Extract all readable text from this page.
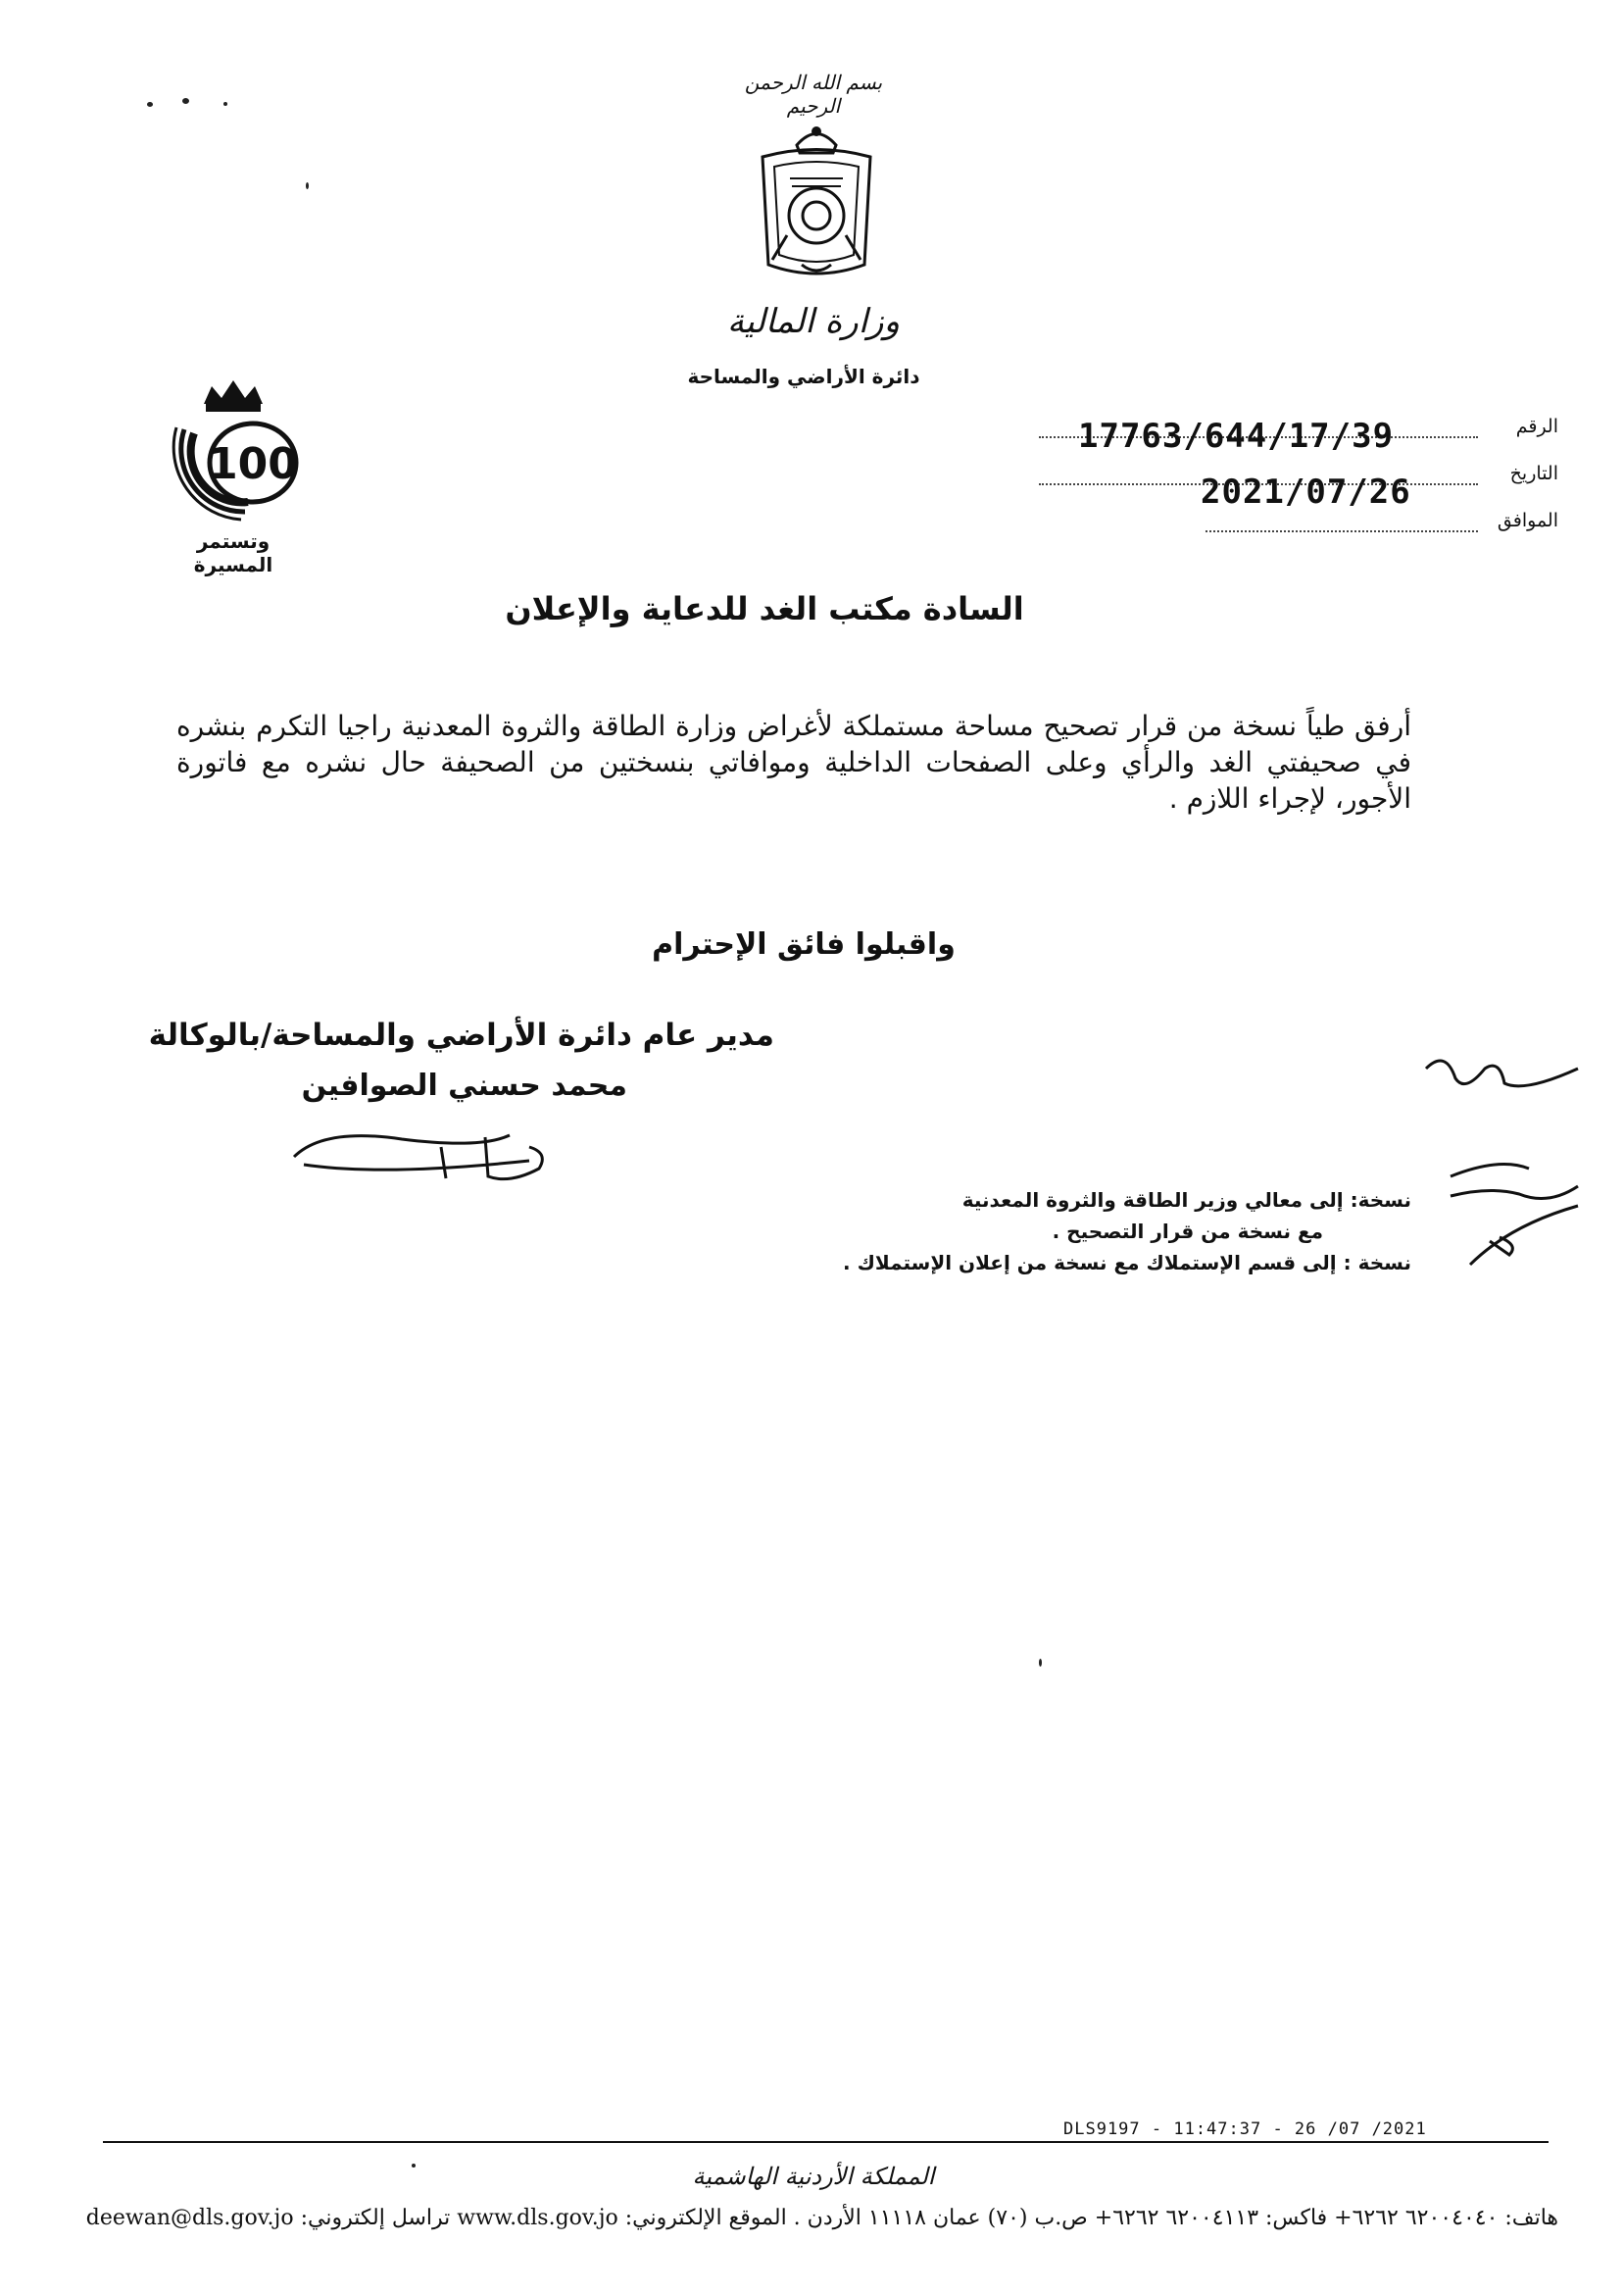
بسم الله الرحمن الرحيم
وزارة المالية
دائرة الأراضي والمساحة
100
وتستمر المسيرة
الرقم
17763/644/17/39
التاريخ
2021/07/26
الموافق
السادة مكتب الغد للدعاية والإعلان
أرفق طياً نسخة من قرار تصحيح مساحة مستملكة لأغراض وزارة الطاقة والثروة المعدنية راجيا التكرم بنشره في صحيفتي الغد والرأي وعلى الصفحات الداخلية وموافاتي بنسختين من الصحيفة حال نشره مع فاتورة الأجور، لإجراء اللازم .
واقبلوا فائق الإحترام
مدير عام دائرة الأراضي والمساحة/بالوكالة
محمد حسني الصوافين
نسخة: إلى معالي وزير الطاقة والثروة المعدنية
مع نسخة من قرار التصحيح .
نسخة : إلى قسم الإستملاك مع نسخة من إعلان الإستملاك .
DLS9197 - 11:47:37 - 26 /07 /2021
المملكة الأردنية الهاشمية
هاتف: ٦٢٠٠٤٠٤٠ ٦٢٦٢+ فاكس: ٦٢٠٠٤١١٣ ٦٢٦٢+ ص.ب (٧٠) عمان ١١١١٨ الأردن . الموقع الإلكتروني: www.dls.gov.jo تراسل إلكتروني: deewan@dls.gov.jo
